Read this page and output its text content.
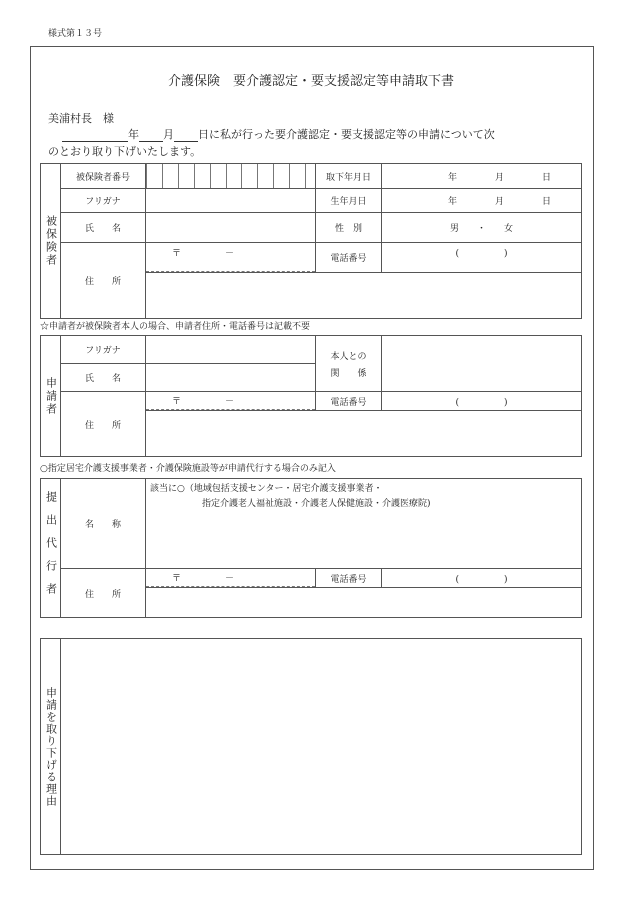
様式第１３号
介護保険　要介護認定・要支援認定等申請取下書
美浦村長　様
年 月 日に私が行った要介護認定・要支援認定等の申請について次
のとおり取り下げいたします。
被保険者	被保険者番号		取下年月日	年 月 日

	フリガナ		生年月日	年 月 日

	氏　　名		性　別	男　　・　　女
	住　　所	〒 －	電話番号	(　　　　　)

☆申請者が被保険者本人の場合、申請者住所・電話番号は記載不要
申請者	フリガナ		本人との
関　　係	

	氏　　名			
	住　　所	〒 －	電話番号	(　　　　　)

○指定居宅介護支援事業者・介護保険施設等が申請代行する場合のみ記入
提出代行者	名　　称	該当に○（地域包括支援センター・居宅介護支援事業者・
指定介護老人福祉施設・介護老人保健施設・介護医療院)		

	住　　所	〒 －	電話番号	(　　　　　)

申請を取り下げる理由
